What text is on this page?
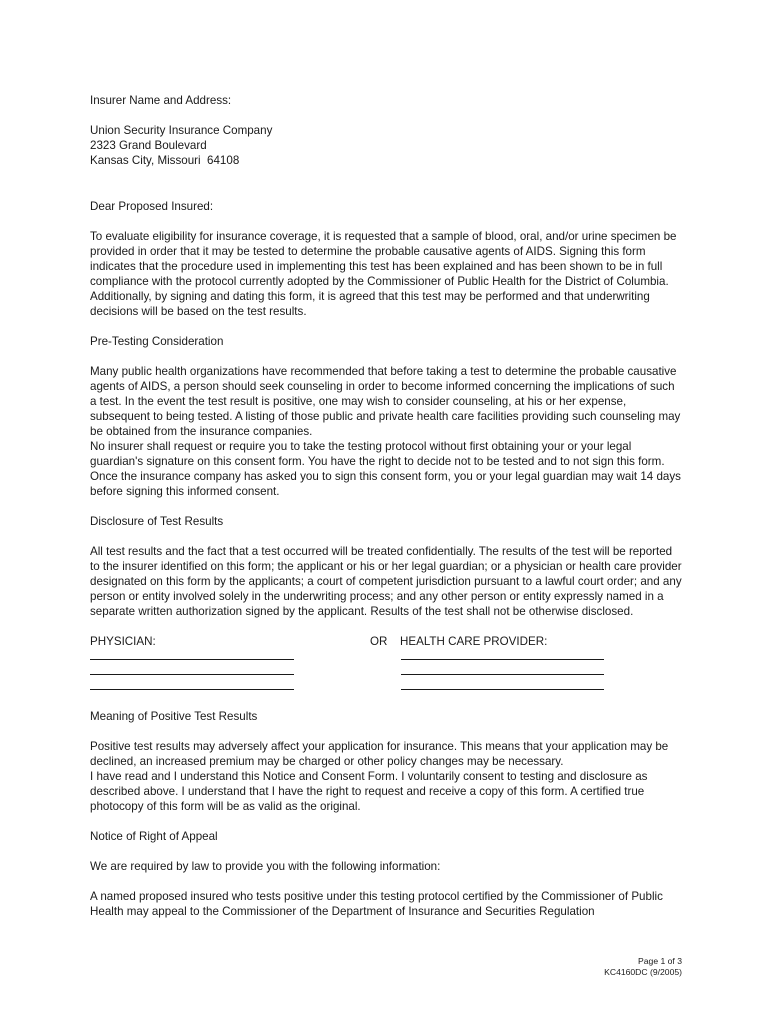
Insurer Name and Address:

Union Security Insurance Company

2323 Grand Boulevard

Kansas City, Missouri  64108

Dear Proposed Insured:

To evaluate eligibility for insurance coverage, it is requested that a sample of blood, oral, and/or urine specimen be provided in order that it may be tested to determine the probable causative agents of AIDS. Signing this form indicates that the procedure used in implementing this test has been explained and has been shown to be in full compliance with the protocol currently adopted by the Commissioner of Public Health for the District of Columbia. Additionally, by signing and dating this form, it is agreed that this test may be performed and that underwriting decisions will be based on the test results.

Pre-Testing Consideration

Many public health organizations have recommended that before taking a test to determine the probable causative agents of AIDS, a person should seek counseling in order to become informed concerning the implications of such a test. In the event the test result is positive, one may wish to consider counseling, at his or her expense, subsequent to being tested. A listing of those public and private health care facilities providing such counseling may be obtained from the insurance companies.

No insurer shall request or require you to take the testing protocol without first obtaining your or your legal guardian's signature on this consent form. You have the right to decide not to be tested and to not sign this form. Once the insurance company has asked you to sign this consent form, you or your legal guardian may wait 14 days before signing this informed consent.

Disclosure of Test Results

All test results and the fact that a test occurred will be treated confidentially. The results of the test will be reported to the insurer identified on this form; the applicant or his or her legal guardian; or a physician or health care provider designated on this form by the applicants; a court of competent jurisdiction pursuant to a lawful court order; and any person or entity involved solely in the underwriting process; and any other person or entity expressly named in a separate written authorization signed by the applicant. Results of the test shall not be otherwise disclosed.

PHYSICIAN:	OR HEALTH CARE PROVIDER:

Meaning of Positive Test Results

Positive test results may adversely affect your application for insurance. This means that your application may be declined, an increased premium may be charged or other policy changes may be necessary.

I have read and I understand this Notice and Consent Form. I voluntarily consent to testing and disclosure as described above. I understand that I have the right to request and receive a copy of this form. A certified true photocopy of this form will be as valid as the original.

Notice of Right of Appeal

We are required by law to provide you with the following information:

A named proposed insured who tests positive under this testing protocol certified by the Commissioner of Public Health may appeal to the Commissioner of the Department of Insurance and Securities Regulation

Page 1 of 3
KC4160DC (9/2005)
